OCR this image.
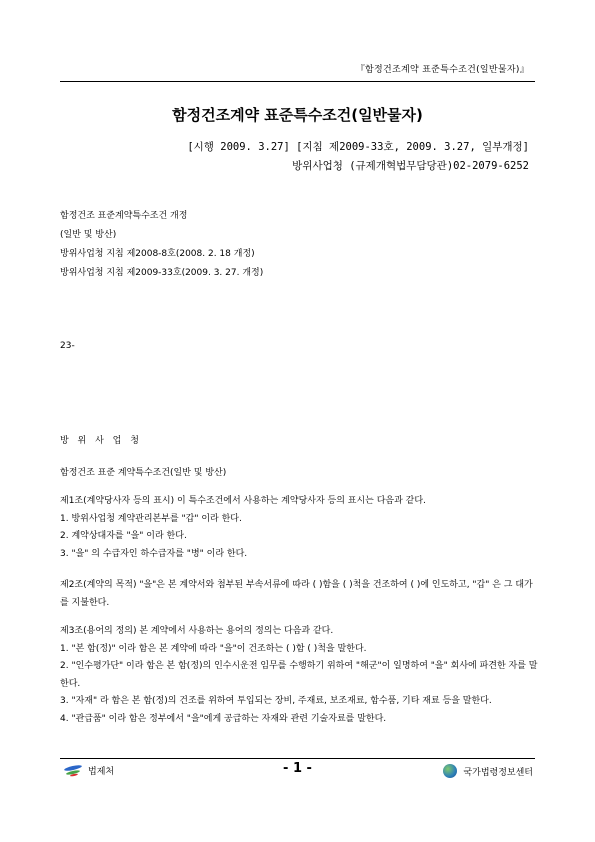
『함정건조계약 표준특수조건(일반물자)』
함정건조계약 표준특수조건(일반물자)
[시행 2009. 3.27] [지침 제2009-33호, 2009. 3.27, 일부개정]
방위사업청 (규제개혁법무담당관)02-2079-6252
함정건조 표준계약특수조건 개정
(일반 및 방산)
방위사업청 지침 제2008-8호(2008. 2. 18 개정)
방위사업청 지침 제2009-33호(2009. 3. 27. 개정)
23-
방 위 사 업 청
함정건조 표준 계약특수조건(일반 및 방산)

제1조(계약당사자 등의 표시) 이 특수조건에서 사용하는 계약당사자 등의 표시는 다음과 같다.

1. 방위사업청 계약관리본부를 "갑" 이라 한다.

2. 계약상대자를 "을" 이라 한다.

3. "을" 의 수급자인 하수급자를 "병" 이라 한다.

제2조(계약의 목적) "을"은 본 계약서와 첨부된 부속서류에 따라 ( )함을 ( )척을 건조하여 ( )에 인도하고, "갑" 은 그 대가를 지불한다.

제3조(용어의 정의) 본 계약에서 사용하는 용어의 정의는 다음과 같다.

1. "본 함(정)" 이라 함은 본 계약에 따라 "을"이 건조하는 ( )함 ( )척을 말한다.

2. "인수평가단" 이라 함은 본 함(정)의 인수시운전 임무를 수행하기 위하여 "해군"이 일명하여 "을" 회사에 파견한 자를 말한다.

3. "자재" 라 함은 본 함(정)의 건조를 위하여 투입되는 장비, 주재료, 보조재료, 함수품, 기타 재료 등을 말한다.

4. "관급품" 이라 함은 정부에서 "을"에게 공급하는 자재와 관련 기술자료를 말한다.

법제처	- 1 -	국가법령정보센터
